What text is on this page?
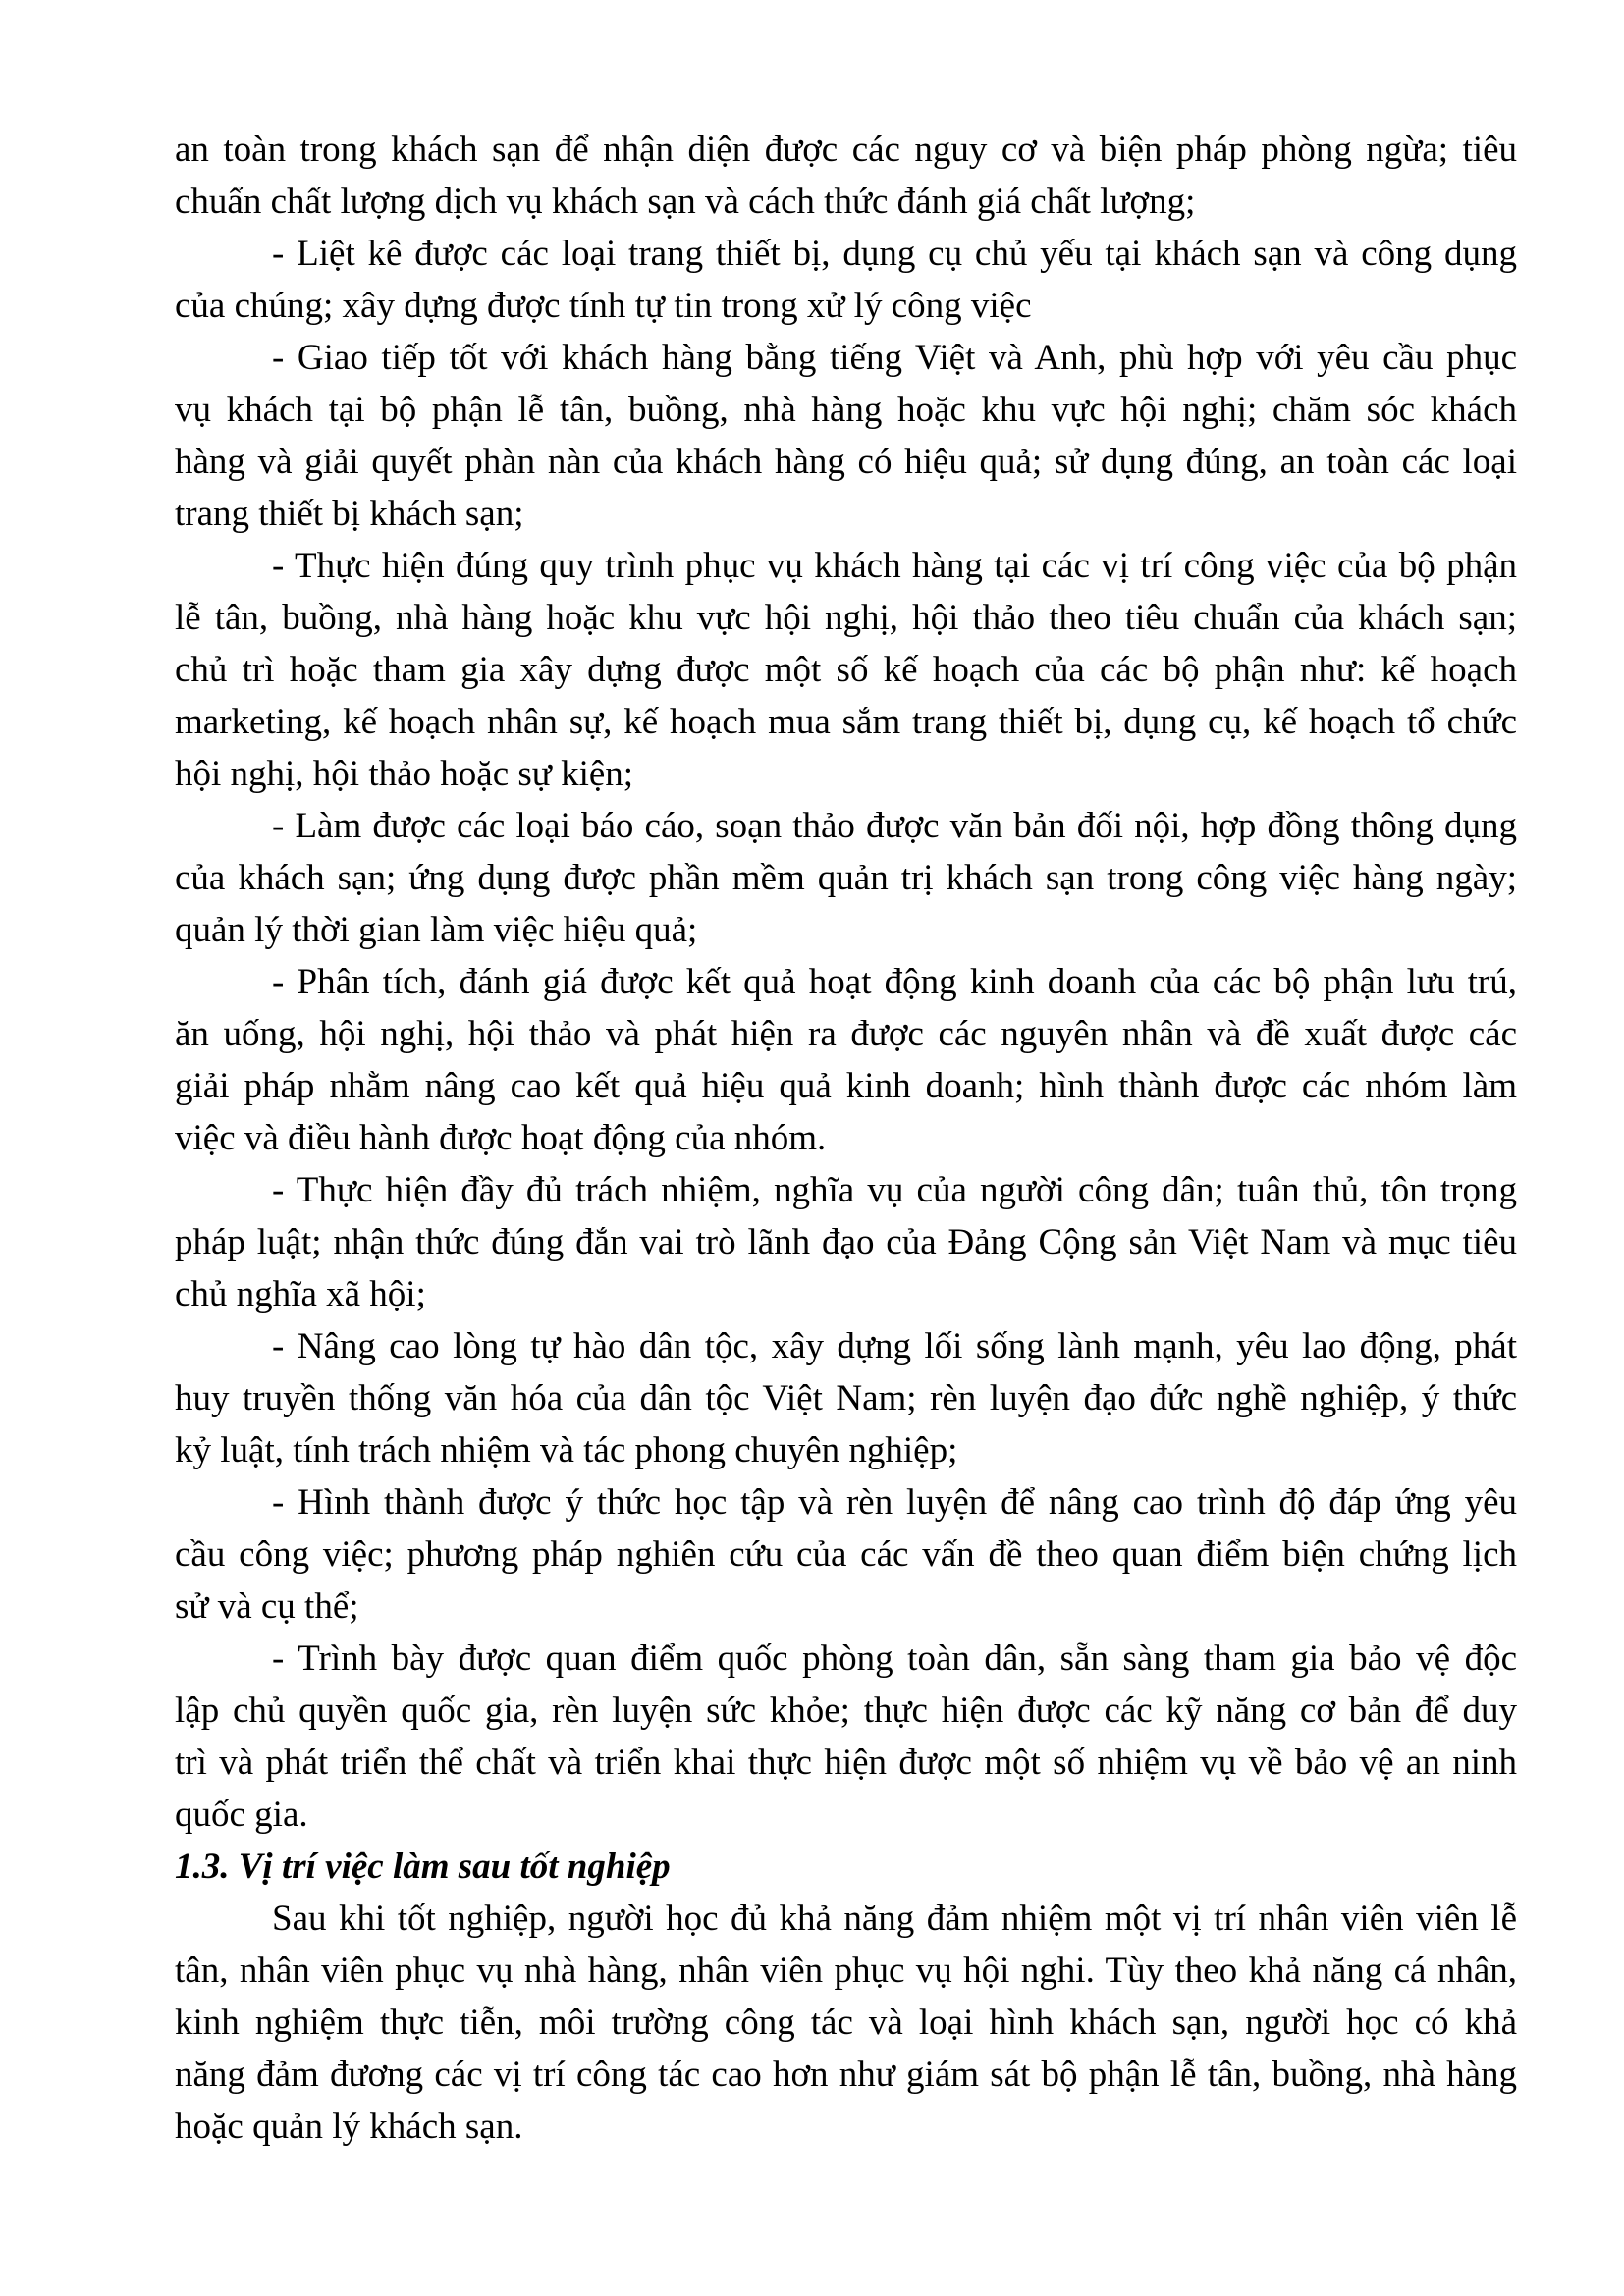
an toàn trong khách sạn để nhận diện được các nguy cơ và biện pháp phòng ngừa; tiêu
chuẩn chất lượng dịch vụ khách sạn và cách thức đánh giá chất lượng;
- Liệt kê được các loại trang thiết bị, dụng cụ chủ yếu tại khách sạn và công dụng
của chúng; xây dựng được tính tự tin trong xử lý công việc
- Giao tiếp tốt với khách hàng bằng tiếng Việt và Anh, phù hợp với yêu cầu phục
vụ khách tại bộ phận lễ tân, buồng, nhà hàng hoặc khu vực hội nghị; chăm sóc khách
hàng và giải quyết phàn nàn của khách hàng có hiệu quả; sử dụng đúng, an toàn các loại
trang thiết bị khách sạn;
- Thực hiện đúng quy trình phục vụ khách hàng tại các vị trí công việc của bộ phận
lễ tân, buồng, nhà hàng hoặc khu vực hội nghị, hội thảo theo tiêu chuẩn của khách sạn;
chủ trì hoặc tham gia xây dựng được một số kế hoạch của các bộ phận như: kế hoạch
marketing, kế hoạch nhân sự, kế hoạch mua sắm trang thiết bị, dụng cụ, kế hoạch tổ chức
hội nghị, hội thảo hoặc sự kiện;
- Làm được các loại báo cáo, soạn thảo được văn bản đối nội, hợp đồng thông dụng
của khách sạn; ứng dụng được phần mềm quản trị khách sạn trong công việc hàng ngày;
quản lý thời gian làm việc hiệu quả;
- Phân tích, đánh giá được kết quả hoạt động kinh doanh của các bộ phận lưu trú,
ăn uống, hội nghị, hội thảo và phát hiện ra được các nguyên nhân và đề xuất được các
giải pháp nhằm nâng cao kết quả hiệu quả kinh doanh; hình thành được các nhóm làm
việc và điều hành được hoạt động của nhóm.
- Thực hiện đầy đủ trách nhiệm, nghĩa vụ của người công dân; tuân thủ, tôn trọng
pháp luật; nhận thức đúng đắn vai trò lãnh đạo của Đảng Cộng sản Việt Nam và mục tiêu
chủ nghĩa xã hội;
- Nâng cao lòng tự hào dân tộc, xây dựng lối sống lành mạnh, yêu lao động, phát
huy truyền thống văn hóa của dân tộc Việt Nam; rèn luyện đạo đức nghề nghiệp, ý thức
kỷ luật, tính trách nhiệm và tác phong chuyên nghiệp;
- Hình thành được ý thức học tập và rèn luyện để nâng cao trình độ đáp ứng yêu
cầu công việc; phương pháp nghiên cứu của các vấn đề theo quan điểm biện chứng lịch
sử và cụ thể;
- Trình bày được quan điểm quốc phòng toàn dân, sẵn sàng tham gia bảo vệ độc
lập chủ quyền quốc gia, rèn luyện sức khỏe; thực hiện được các kỹ năng cơ bản để duy
trì và phát triển thể chất và triển khai thực hiện được một số nhiệm vụ về bảo vệ an ninh
quốc gia.
1.3. Vị trí việc làm sau tốt nghiệp
Sau khi tốt nghiệp, người học đủ khả năng đảm nhiệm một vị trí nhân viên viên lễ
tân, nhân viên phục vụ nhà hàng, nhân viên phục vụ hội nghi. Tùy theo khả năng cá nhân,
kinh nghiệm thực tiễn, môi trường công tác và loại hình khách sạn, người học có khả
năng đảm đương các vị trí công tác cao hơn như giám sát bộ phận lễ tân, buồng, nhà hàng
hoặc quản lý khách sạn.
